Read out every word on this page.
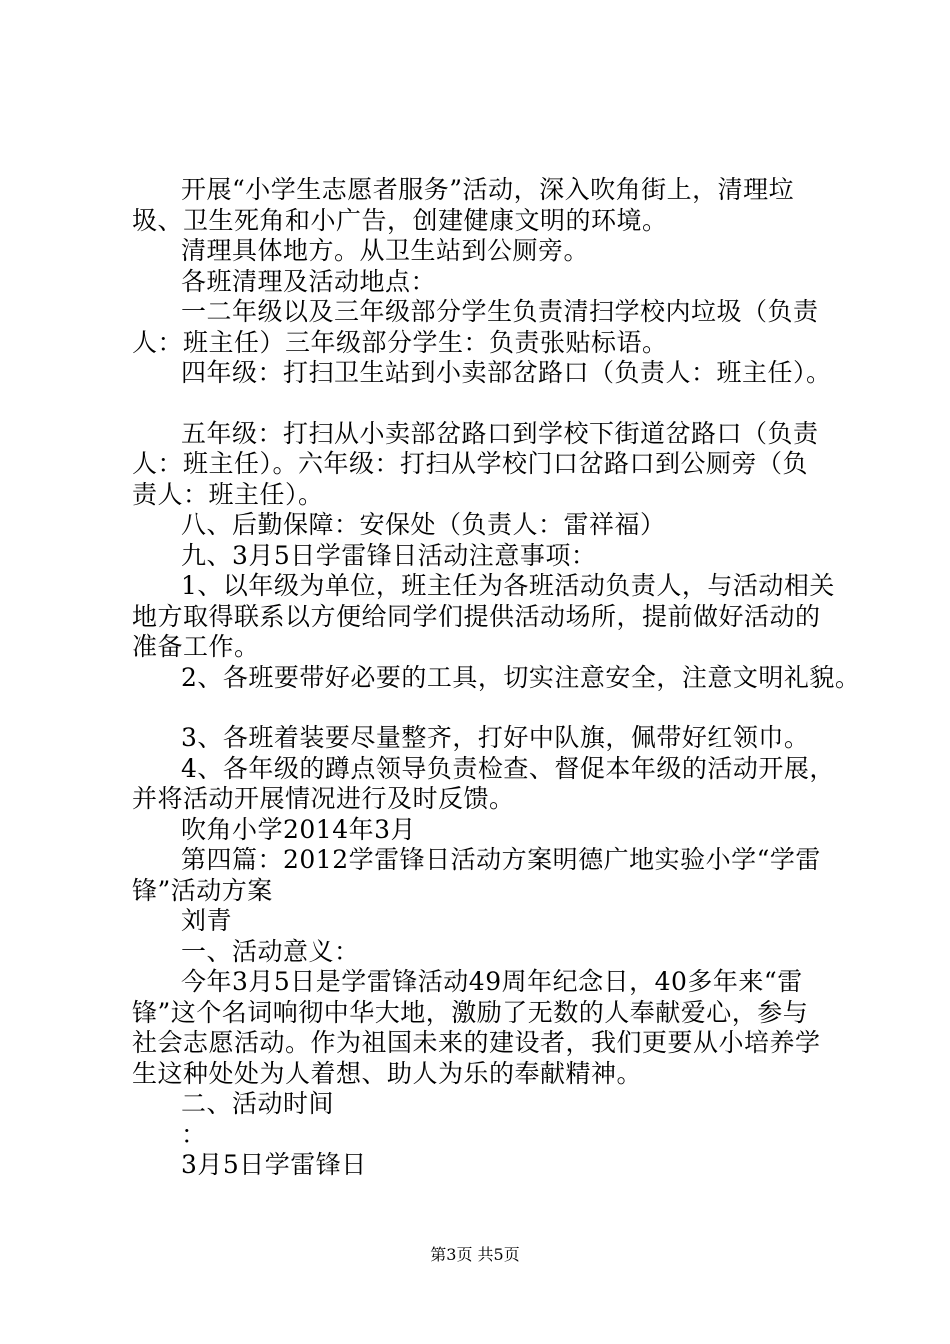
开展“小学生志愿者服务”活动，深入吹角街上，清理垃
圾、卫生死角和小广告，创建健康文明的环境。
清理具体地方。从卫生站到公厕旁。
各班清理及活动地点：
一二年级以及三年级部分学生负责清扫学校内垃圾（负责
人：班主任）三年级部分学生：负责张贴标语。
四年级：打扫卫生站到小卖部岔路口（负责人：班主任）。
五年级：打扫从小卖部岔路口到学校下街道岔路口（负责
人：班主任）。六年级：打扫从学校门口岔路口到公厕旁（负
责人：班主任）。
八、后勤保障：安保处（负责人：雷祥福）
九、3月5日学雷锋日活动注意事项：
1、以年级为单位，班主任为各班活动负责人，与活动相关
地方取得联系以方便给同学们提供活动场所，提前做好活动的
准备工作。
2、各班要带好必要的工具，切实注意安全，注意文明礼貌。
3、各班着装要尽量整齐，打好中队旗，佩带好红领巾。
4、各年级的蹲点领导负责检查、督促本年级的活动开展，
并将活动开展情况进行及时反馈。
吹角小学2014年3月
第四篇：2012学雷锋日活动方案明德广地实验小学“学雷
锋”活动方案
刘青
一、活动意义：
今年3月5日是学雷锋活动49周年纪念日，40多年来“雷
锋”这个名词响彻中华大地，激励了无数的人奉献爱心，参与
社会志愿活动。作为祖国未来的建设者，我们更要从小培养学
生这种处处为人着想、助人为乐的奉献精神。
二、活动时间
：
3月5日学雷锋日
第3页 共5页
